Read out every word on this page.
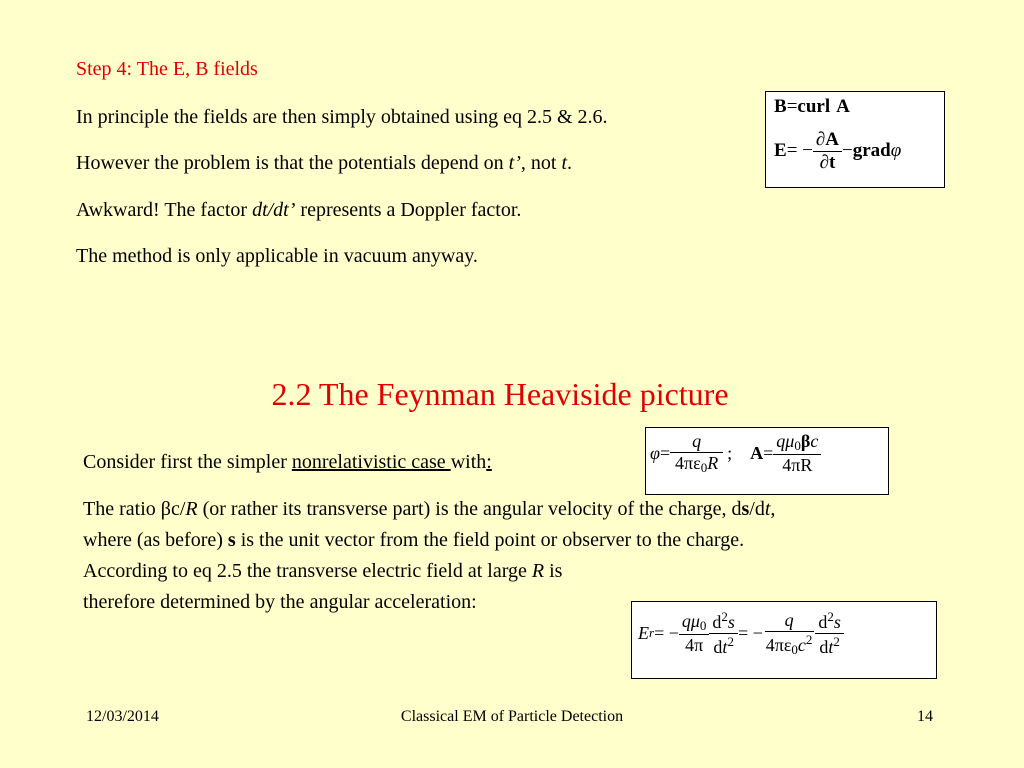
Step 4: The E, B fields
In principle the fields are then simply obtained using eq 2.5 & 2.6.
However the problem is that the potentials depend on t’, not t.
Awkward! The factor dt/dt’ represents a Doppler factor.
The method is only applicable in vacuum anyway.
B = curl A
E = − $\frac{\partial A}{\partial t}$ − grad φ
2.2 The Feynman Heaviside picture
Consider first the simpler nonrelativistic case with:	$\varphi = \frac{q}{4\pi\varepsilon_0R}$ ; $A = \frac{q\mu_0\beta c}{4\pi R}$
The ratio βc/R (or rather its transverse part) is the angular velocity of the charge, ds/dt,
where (as before) s is the unit vector from the field point or observer to the charge.
According to eq 2.5 the transverse electric field at large R is
therefore determined by the angular acceleration:
E r = − $\frac{q\mu_0}{4\pi} \frac{d^2s}{dt^2}$ = − $\frac{q}{4\pi\varepsilon_0c^2} \frac{d^2s}{dt^2}$
12/03/2014	Classical EM of Particle Detection	14
